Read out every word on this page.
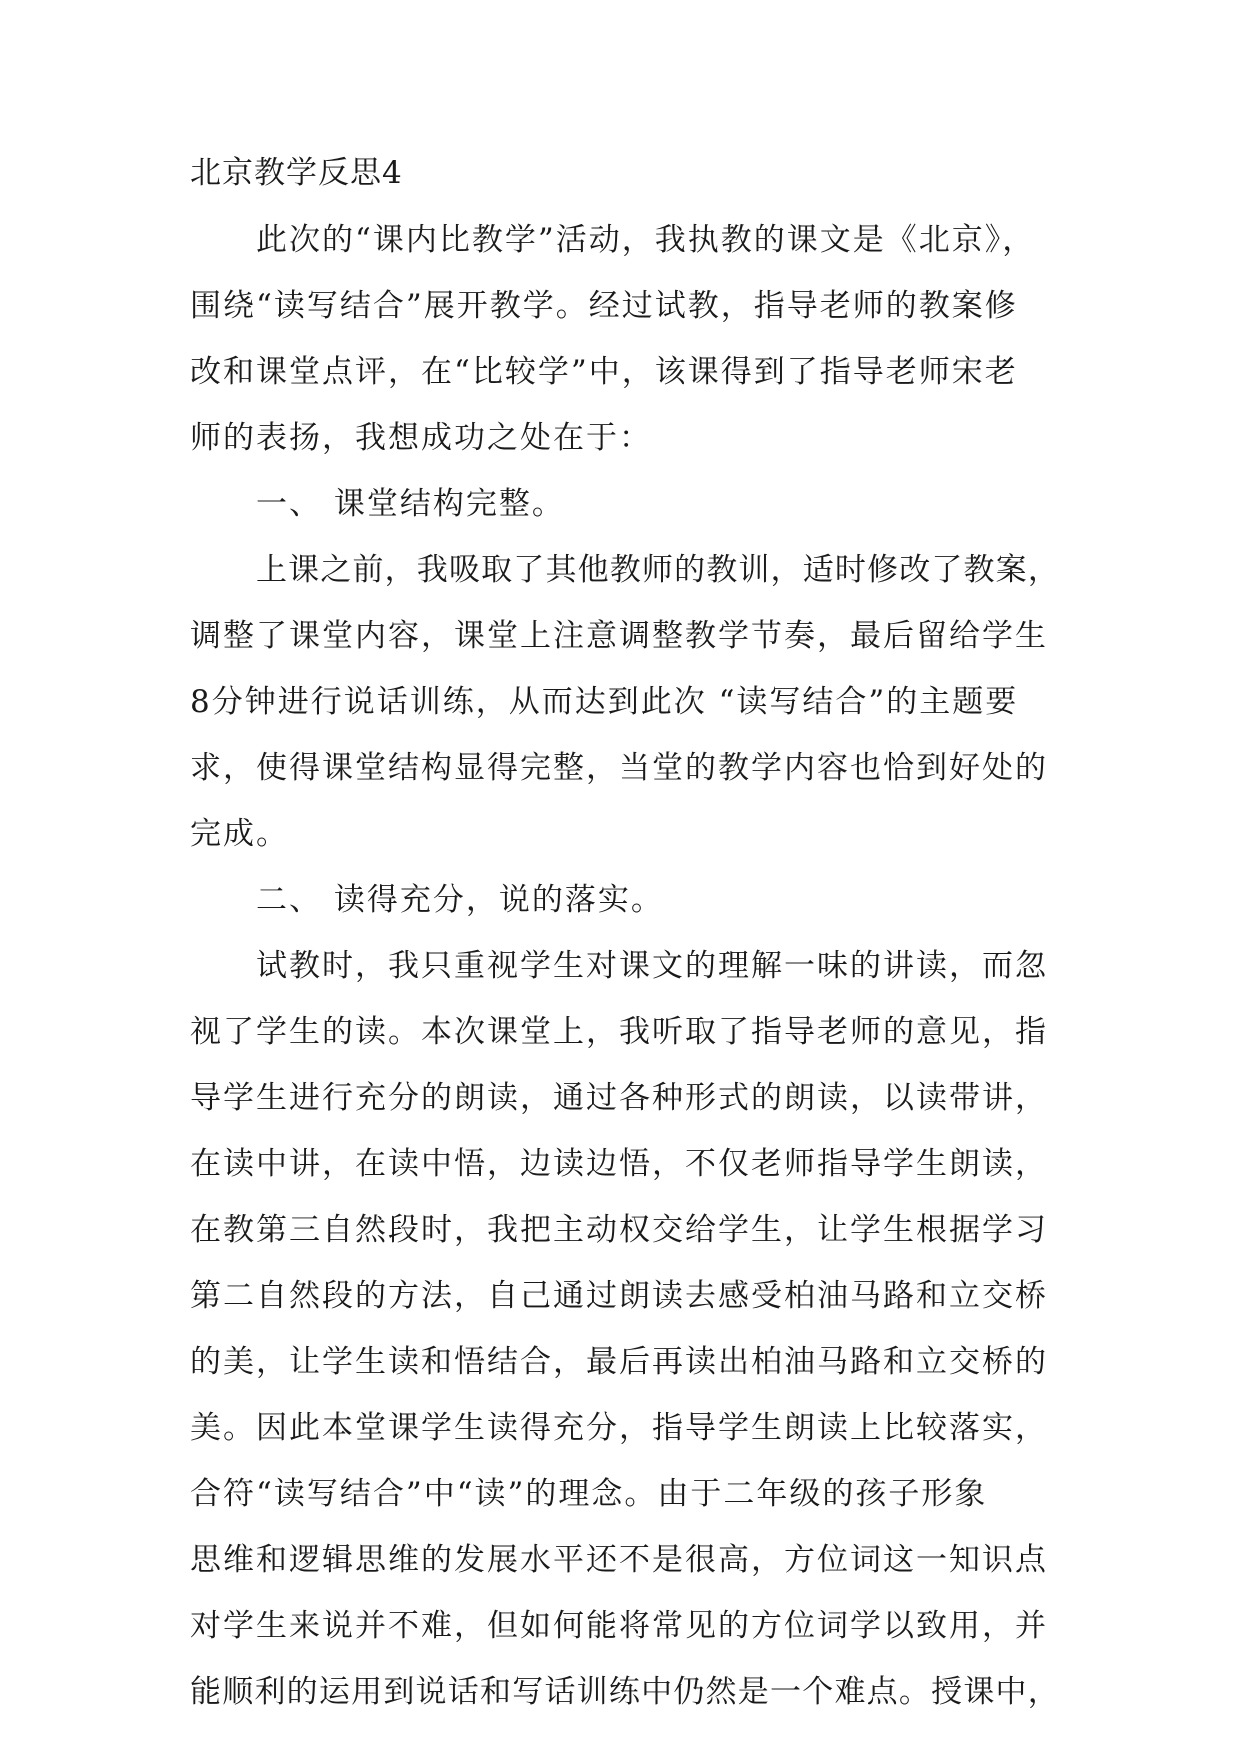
北京教学反思4
此次的“课内比教学”活动，我执教的课文是《北京》，
围绕“读写结合”展开教学。经过试教，指导老师的教案修
改和课堂点评，在“比较学”中，该课得到了指导老师宋老
师的表扬，我想成功之处在于：
一、 课堂结构完整。
上课之前，我吸取了其他教师的教训，适时修改了教案，
调整了课堂内容，课堂上注意调整教学节奏，最后留给学生
8分钟进行说话训练，从而达到此次 “读写结合”的主题要
求，使得课堂结构显得完整，当堂的教学内容也恰到好处的
完成。
二、 读得充分，说的落实。
试教时，我只重视学生对课文的理解一味的讲读，而忽
视了学生的读。本次课堂上，我听取了指导老师的意见，指
导学生进行充分的朗读，通过各种形式的朗读，以读带讲，
在读中讲，在读中悟，边读边悟，不仅老师指导学生朗读，
在教第三自然段时，我把主动权交给学生，让学生根据学习
第二自然段的方法，自己通过朗读去感受柏油马路和立交桥
的美，让学生读和悟结合，最后再读出柏油马路和立交桥的
美。因此本堂课学生读得充分，指导学生朗读上比较落实，
合符“读写结合”中“读”的理念。由于二年级的孩子形象
思维和逻辑思维的发展水平还不是很高，方位词这一知识点
对学生来说并不难，但如何能将常见的方位词学以致用，并
能顺利的运用到说话和写话训练中仍然是一个难点。授课中，
